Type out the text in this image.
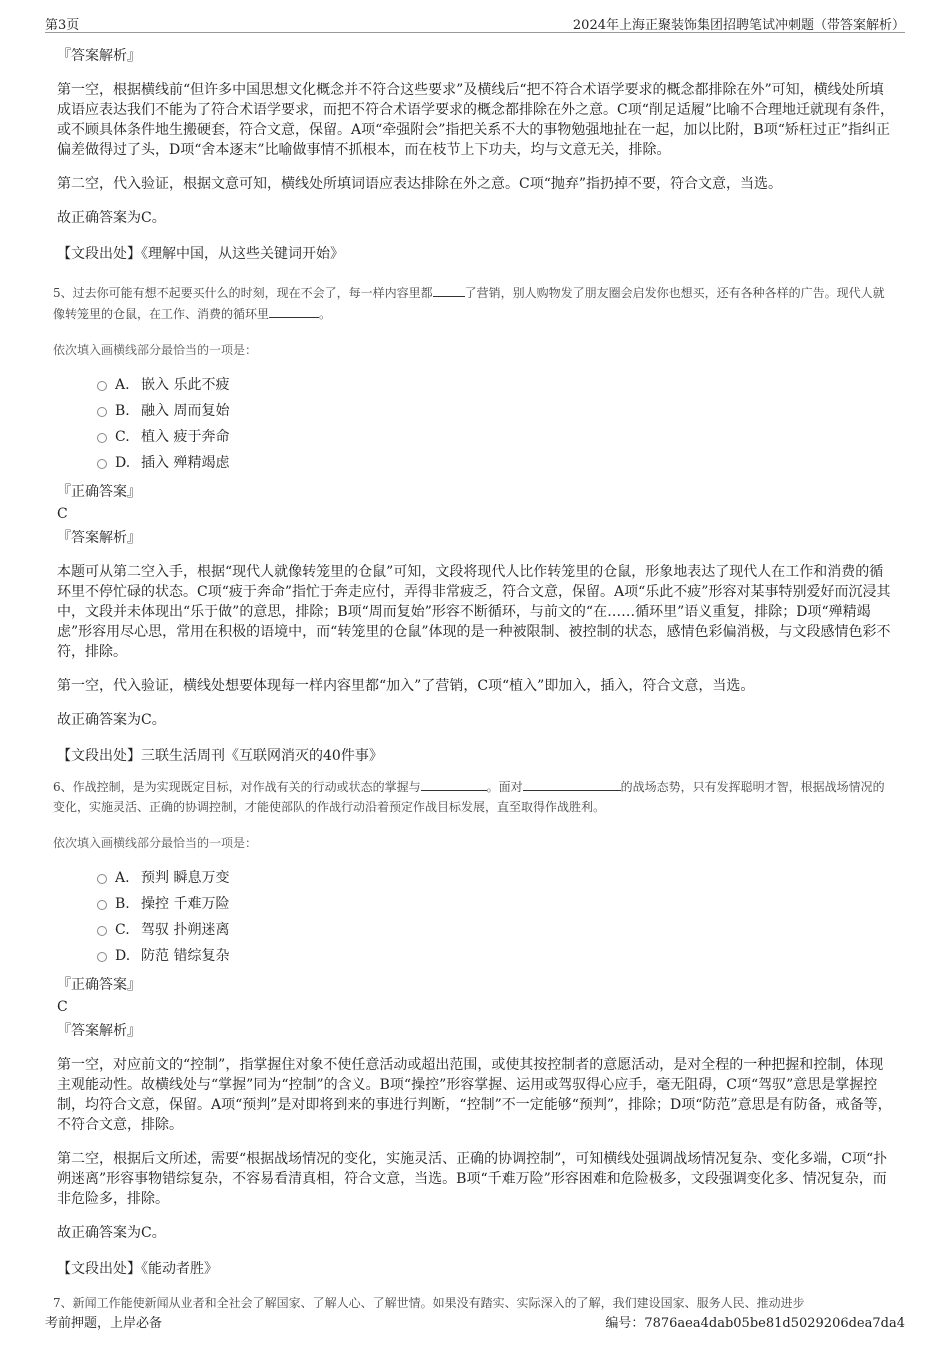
第3页	2024年上海正聚装饰集团招聘笔试冲刺题（带答案解析）

『答案解析』

第一空，根据横线前“但许多中国思想文化概念并不符合这些要求”及横线后“把不符合术语学要求的概念都排除在外”可知，横线处所填成语应表达我们不能为了符合术语学要求，而把不符合术语学要求的概念都排除在外之意。C项“削足适履”比喻不合理地迁就现有条件，或不顾具体条件地生搬硬套，符合文意，保留。A项“牵强附会”指把关系不大的事物勉强地扯在一起，加以比附，B项“矫枉过正”指纠正偏差做得过了头，D项“舍本逐末”比喻做事情不抓根本，而在枝节上下功夫，均与文意无关，排除。

第二空，代入验证，根据文意可知，横线处所填词语应表达排除在外之意。C项“抛弃”指扔掉不要，符合文意，当选。

故正确答案为C。

【文段出处】《理解中国，从这些关键词开始》

5、过去你可能有想不起要买什么的时刻，现在不会了，每一样内容里都	了营销，别人购物发了朋友圈会启发你也想买，还有各种各样的广告。现代人就像转笼里的仓鼠，在工作、消费的循环里	。

依次填入画横线部分最恰当的一项是：

A. 嵌入 乐此不疲
B. 融入 周而复始
C. 植入 疲于奔命
D. 插入 殚精竭虑

『正确答案』

C

『答案解析』

本题可从第二空入手，根据“现代人就像转笼里的仓鼠”可知，文段将现代人比作转笼里的仓鼠，形象地表达了现代人在工作和消费的循环里不停忙碌的状态。C项“疲于奔命”指忙于奔走应付，弄得非常疲乏，符合文意，保留。A项“乐此不疲”形容对某事特别爱好而沉浸其中，文段并未体现出“乐于做”的意思，排除；B项“周而复始”形容不断循环，与前文的“在……循环里”语义重复，排除；D项“殚精竭虑”形容用尽心思，常用在积极的语境中，而“转笼里的仓鼠”体现的是一种被限制、被控制的状态，感情色彩偏消极，与文段感情色彩不符，排除。

第一空，代入验证，横线处想要体现每一样内容里都“加入”了营销，C项“植入”即加入，插入，符合文意，当选。

故正确答案为C。

【文段出处】三联生活周刊《互联网消灭的40件事》

6、作战控制，是为实现既定目标，对作战有关的行动或状态的掌握与	。面对	的战场态势，只有发挥聪明才智，根据战场情况的变化，实施灵活、正确的协调控制，才能使部队的作战行动沿着预定作战目标发展，直至取得作战胜利。

依次填入画横线部分最恰当的一项是：

A. 预判 瞬息万变
B. 操控 千难万险
C. 驾驭 扑朔迷离
D. 防范 错综复杂

『正确答案』

C

『答案解析』

第一空，对应前文的“控制”，指掌握住对象不使任意活动或超出范围，或使其按控制者的意愿活动，是对全程的一种把握和控制，体现主观能动性。故横线处与“掌握”同为“控制”的含义。B项“操控”形容掌握、运用或驾驭得心应手，毫无阻碍，C项“驾驭”意思是掌握控制，均符合文意，保留。A项“预判”是对即将到来的事进行判断，“控制”不一定能够“预判”，排除；D项“防范”意思是有防备，戒备等，不符合文意，排除。

第二空，根据后文所述，需要“根据战场情况的变化，实施灵活、正确的协调控制”，可知横线处强调战场情况复杂、变化多端，C项“扑朔迷离”形容事物错综复杂，不容易看清真相，符合文意，当选。B项“千难万险”形容困难和危险极多，文段强调变化多、情况复杂，而非危险多，排除。

故正确答案为C。

【文段出处】《能动者胜》

7、新闻工作能使新闻从业者和全社会了解国家、了解人心、了解世情。如果没有踏实、实际深入的了解，我们建设国家、服务人民、推动进步

考前押题，上岸必备	编号：7876aea4dab05be81d5029206dea7da4
